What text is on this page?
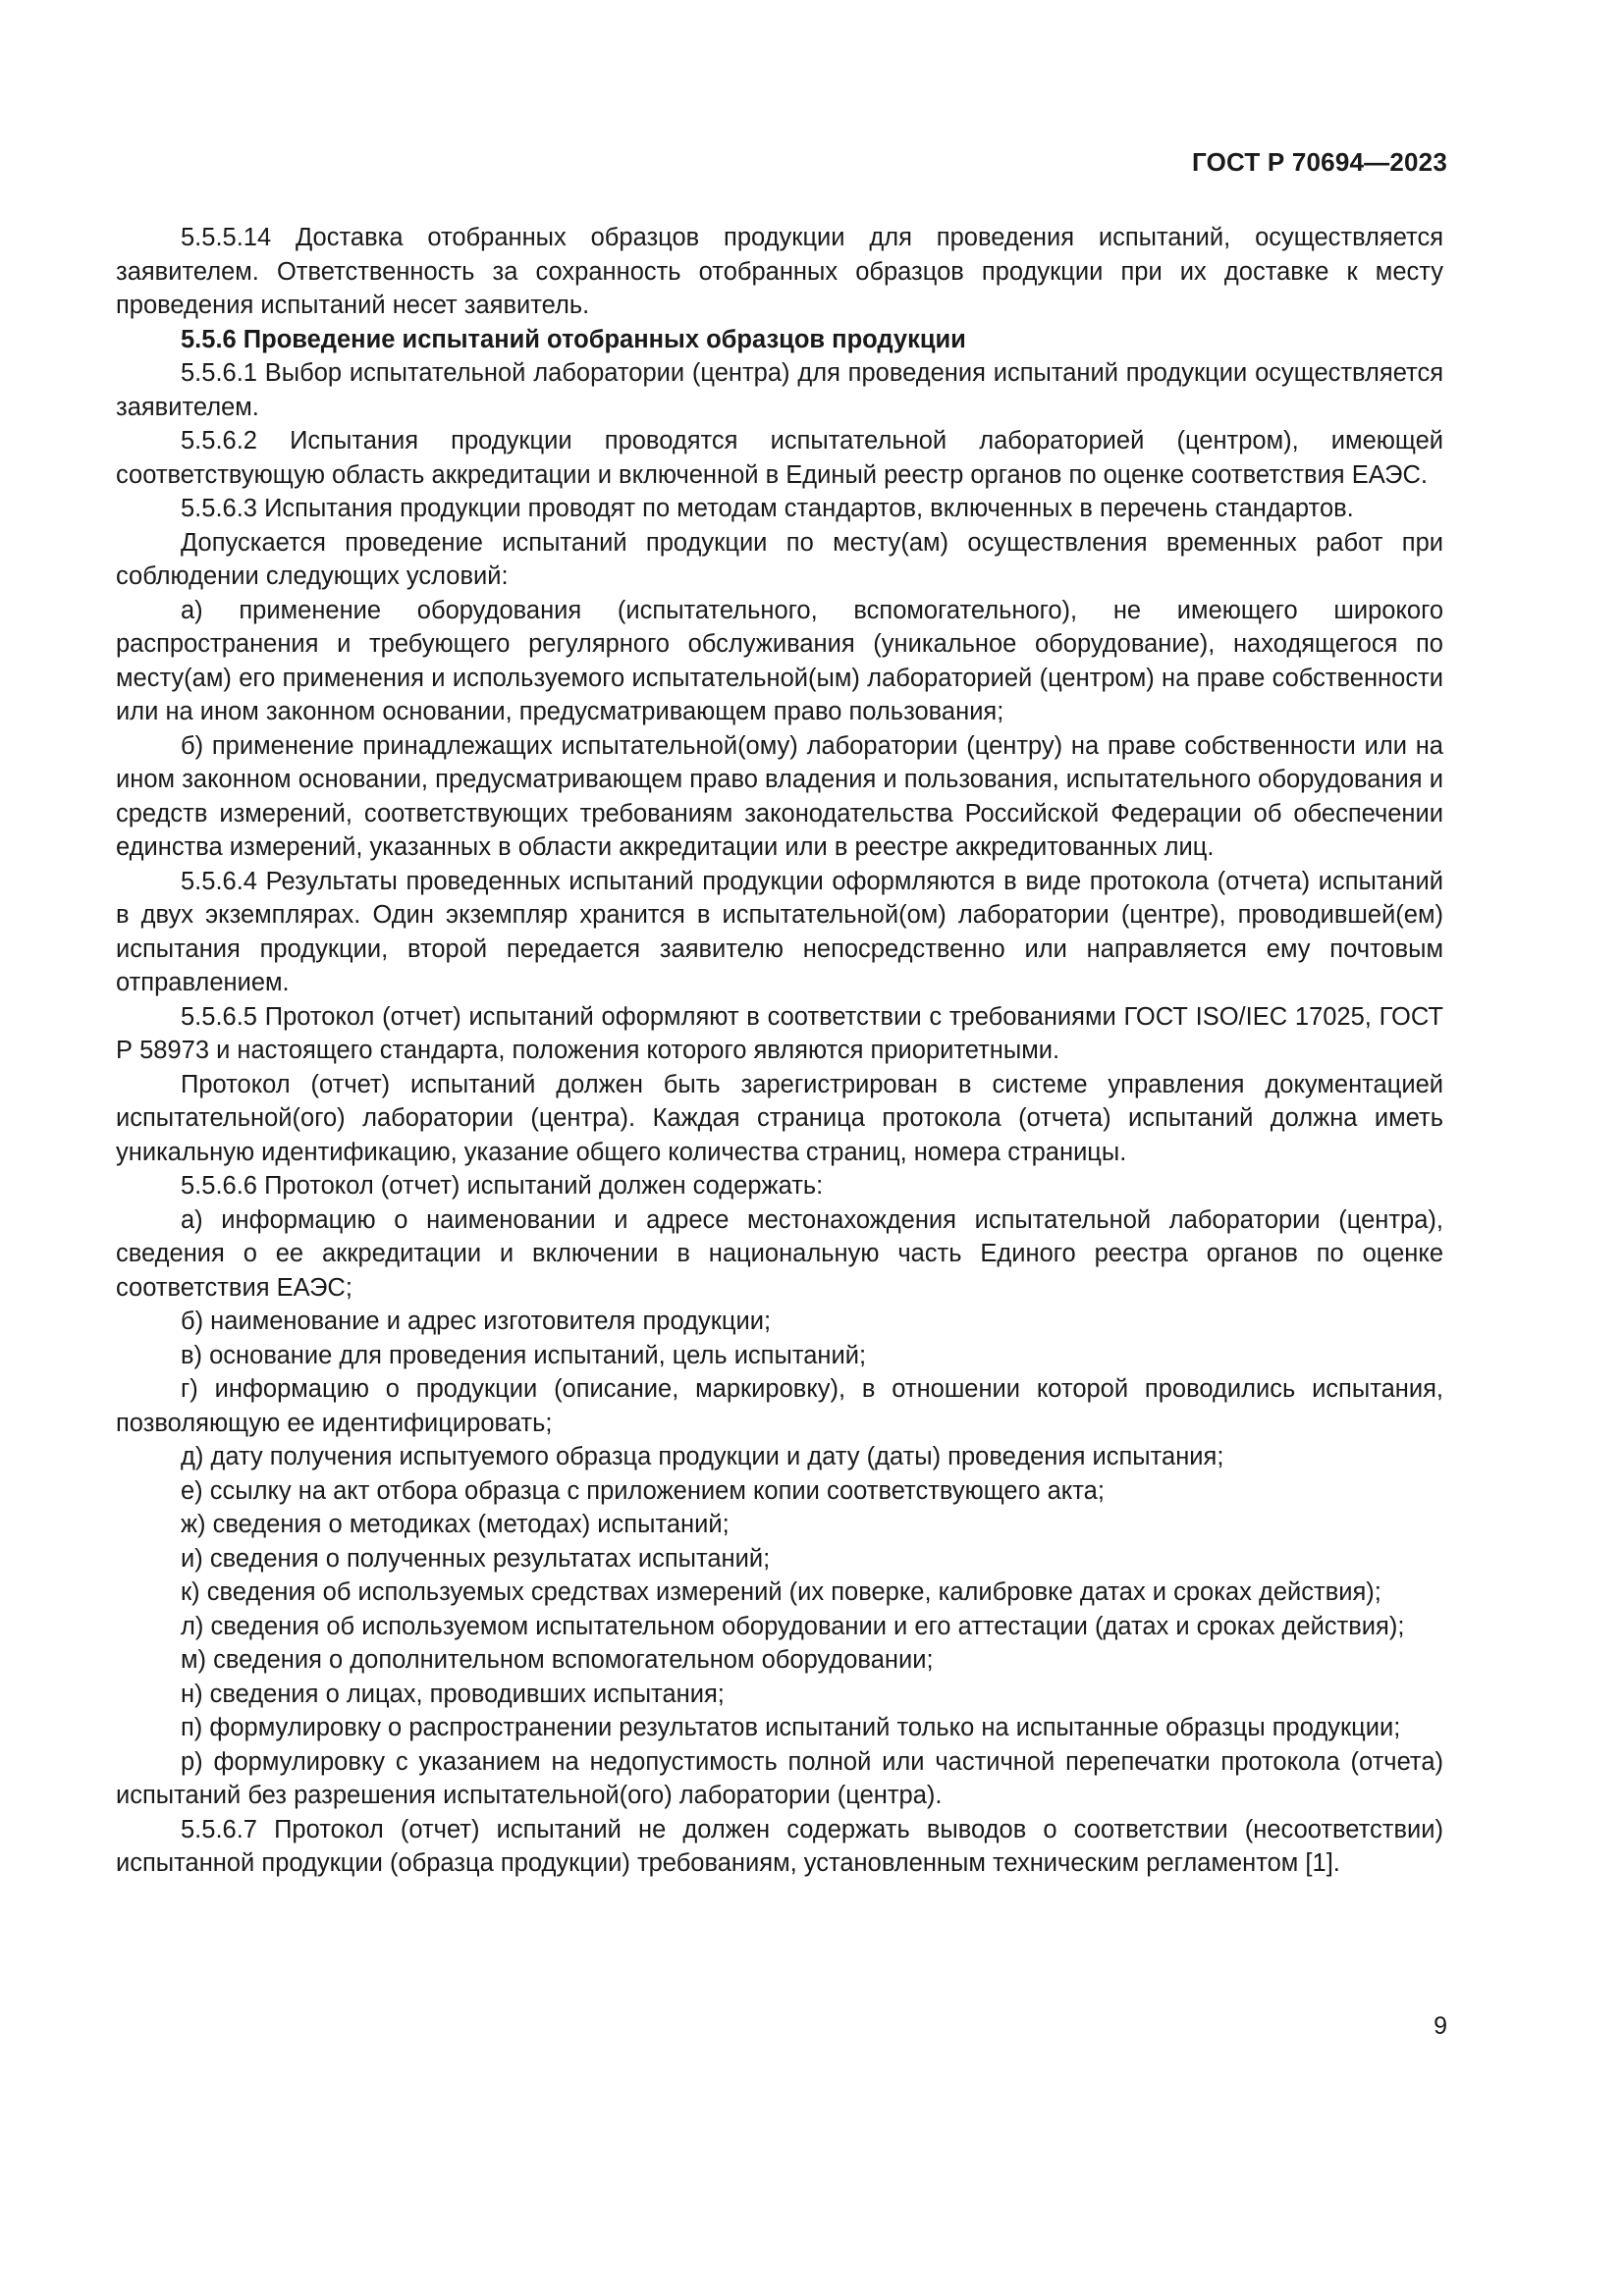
ГОСТ Р 70694—2023

5.5.5.14 Доставка отобранных образцов продукции для проведения испытаний, осуществляется заявителем. Ответственность за сохранность отобранных образцов продукции при их доставке к месту проведения испытаний несет заявитель.

5.5.6 Проведение испытаний отобранных образцов продукции

5.5.6.1 Выбор испытательной лаборатории (центра) для проведения испытаний продукции осуществляется заявителем.

5.5.6.2 Испытания продукции проводятся испытательной лабораторией (центром), имеющей соответствующую область аккредитации и включенной в Единый реестр органов по оценке соответствия ЕАЭС.

5.5.6.3 Испытания продукции проводят по методам стандартов, включенных в перечень стандартов.

Допускается проведение испытаний продукции по месту(ам) осуществления временных работ при соблюдении следующих условий:

а) применение оборудования (испытательного, вспомогательного), не имеющего широкого распространения и требующего регулярного обслуживания (уникальное оборудование), находящегося по месту(ам) его применения и используемого испытательной(ым) лабораторией (центром) на праве собственности или на ином законном основании, предусматривающем право пользования;

б) применение принадлежащих испытательной(ому) лаборатории (центру) на праве собственности или на ином законном основании, предусматривающем право владения и пользования, испытательного оборудования и средств измерений, соответствующих требованиям законодательства Российской Федерации об обеспечении единства измерений, указанных в области аккредитации или в реестре аккредитованных лиц.

5.5.6.4 Результаты проведенных испытаний продукции оформляются в виде протокола (отчета) испытаний в двух экземплярах. Один экземпляр хранится в испытательной(ом) лаборатории (центре), проводившей(ем) испытания продукции, второй передается заявителю непосредственно или направляется ему почтовым отправлением.

5.5.6.5 Протокол (отчет) испытаний оформляют в соответствии с требованиями ГОСТ ISO/IEC 17025, ГОСТ Р 58973 и настоящего стандарта, положения которого являются приоритетными.

Протокол (отчет) испытаний должен быть зарегистрирован в системе управления документацией испытательной(ого) лаборатории (центра). Каждая страница протокола (отчета) испытаний должна иметь уникальную идентификацию, указание общего количества страниц, номера страницы.

5.5.6.6 Протокол (отчет) испытаний должен содержать:

а) информацию о наименовании и адресе местонахождения испытательной лаборатории (центра), сведения о ее аккредитации и включении в национальную часть Единого реестра органов по оценке соответствия ЕАЭС;

б) наименование и адрес изготовителя продукции;

в) основание для проведения испытаний, цель испытаний;

г) информацию о продукции (описание, маркировку), в отношении которой проводились испытания, позволяющую ее идентифицировать;

д) дату получения испытуемого образца продукции и дату (даты) проведения испытания;

е) ссылку на акт отбора образца с приложением копии соответствующего акта;

ж) сведения о методиках (методах) испытаний;

и) сведения о полученных результатах испытаний;

к) сведения об используемых средствах измерений (их поверке, калибровке датах и сроках действия);

л) сведения об используемом испытательном оборудовании и его аттестации (датах и сроках действия);

м) сведения о дополнительном вспомогательном оборудовании;

н) сведения о лицах, проводивших испытания;

п) формулировку о распространении результатов испытаний только на испытанные образцы продукции;

р) формулировку с указанием на недопустимость полной или частичной перепечатки протокола (отчета) испытаний без разрешения испытательной(ого) лаборатории (центра).

5.5.6.7 Протокол (отчет) испытаний не должен содержать выводов о соответствии (несоответствии) испытанной продукции (образца продукции) требованиям, установленным техническим регламентом [1].

9
